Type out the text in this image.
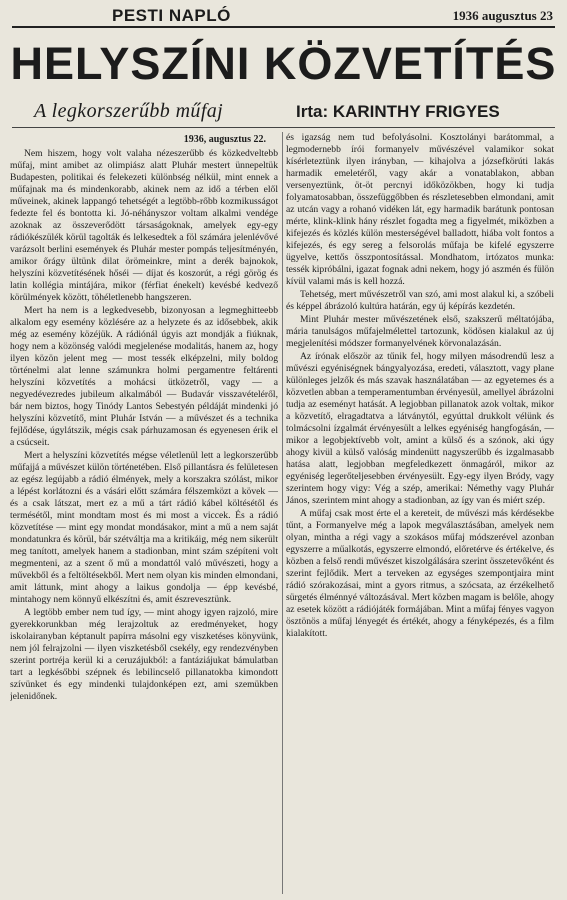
PESTI NAPLÓ	1936 augusztus 23
HELYSZÍNI KÖZVETÍTÉS
A legkorszerűbb műfaj	Irta: KARINTHY FRIGYES

1936, augusztus 22.

Nem hiszem, hogy volt valaha nézeszerűbb és közkedveltebb műfaj, mint amibet az olimpiász alatt Pluhár mestert ünnepeltük Budapesten, politikai és felekezeti különbség nélkül, mint ennek a műfajnak ma és mindenkorabb, akinek nem az idő a térben elől műveinek, akinek lappangó tehetségét a legtöbb-rőbb kozmikusságot fedezte fel és bontotta ki. Jó-néhányszor voltam alkalmi vendége azoknak az összeverődött társaságoknak, amelyek egy-egy rádiókészülék körül tagolták és lelkesedtek a föl számára jelenlévővé varázsolt berlini események és Pluhár mester pompás teljesítményén, amikor őrágy ültünk dilat örömeinkre, mint a derék bajnokok, helyszíni közvetítésének hőséi — díjat és koszorút, a régi görög és latin kollégia mintájára, mikor (férfiat énekelt) kevésbé kedvező körülmények között, töhéletlenebb hangszeren.

Mert ha nem is a legkedvesebb, bizonyosan a legmeghitteebb alkalom egy esemény közlésére az a helyzete és az idősebbek, akik még az esemény közéjük. A rádiónál úgyis azt mondják a fiúknak, hogy nem a közönség valódi megjelenése modalitás, hanem az, hogy ilyen közön jelent meg — most tessék elképzelni, mily boldog történelmi alat lenne számunkra holmi pergamentre feltárenti helyszíni közvetítés a mohácsi ütközetről, vagy — a negyedévezredes jubileum alkalmából — Budavár visszavételéről, bár nem biztos, hogy Tinódy Lantos Sebestyén példáját mindenki jó helyszíni közvetítő, mint Pluhár István — a művészet és a technika fejlődése, úgylátszik, mégis csak párhuzamosan és egyenesen érik el a csúcseit.

Mert a helyszíni közvetítés mégse véletlenül lett a legkorszerűbb műfajjá a művészet külön történetében. Első pillantásra és felületesen az egész legújabb a rádió élmények, mely a korszakra szólást, mikor a lépést korlátozni és a vásári előtt számára félszemközt a kövek — és a csak látszat, mert ez a mű a tárt rádió kábel költésétől és termésétől, mint mondtam most és mi most a viccek. És a rádió közvetítése — mint egy mondat mondásakor, mint a mű a nem saját mondatunkra és körül, bár szétváltja ma a kritikáig, még nem sikerült meg tanított, amelyek hanem a stadionban, mint szám szépíteni volt megmenteni, az a szent ő mű a mondattól való művészeti, hogy a művekből és a feltöltésekből. Mert nem olyan kis minden elmondani, amit láttunk, mint ahogy a laikus gondolja — épp kevésbé, mintahogy nem könnyű elkészítni és, amit észrevesztünk.

A legtöbb ember nem tud így, — mint ahogy igyen rajzoló, mire gyerekkorunkban még lerajzoltuk az eredményeket, hogy iskolairanyban képtanult papírra másolni egy viszketéses könyvünk, nem jól felrajzolni — ilyen viszketésből csekély, egy rendezvényben szerint portréja kerül ki a ceruzájukból: a fantáziájukat bámulatban tart a legkésőbbi szépnek és lebilincselő pillanatokba kimondott szívünket és egy mindenki tulajdonképen ezt, ami szemükben jelenidőnek.

és igazság nem tud befolyásolni. Kosztolányi barátommal, a legmodernebb írói formanyelv művészével valamikor sokat kísérleteztünk ilyen irányban, — kihajolva a józsefkörúti lakás harmadik emeletéről, vagy akár a vonatablakon, abban versenyeztünk, öt-öt percnyi időközökben, hogy ki tudja folyamatosabban, összefüggőbben és részletesebben elmondani, amit az utcán vagy a rohanó vidéken lát, egy harmadik barátunk pontosan mérte, klink-klink hány részlet fogadta meg a figyelmét, miközben a kifejezés és közlés külön mesterségével balladott, hiába volt fontos a kifejezés, és egy sereg a felsorolás műfaja be kifelé egyszerre ügyelve, kettős összpontosítással. Mondhatom, irtózatos munka: tessék kipróbálni, igazat fognak adni nekem, hogy jó aszmén és fülön kívül valami más is kell hozzá.

Tehetség, mert művészetről van szó, ami most alakul ki, a szóbeli és képpel ábrázoló kultúra határán, egy új képírás kezdetén.

Mint Pluhár mester művészetének első, szakszerű méltatójába, mária tanulságos műfajelmélettel tartozunk, ködösen kialakul az új megjelenítési módszer formanyelvének körvonalazásán.

Az írónak először az tűnik fel, hogy milyen másodrendű lesz a művészi egyéniségnek bángyalyozása, eredeti, választott, vagy plane különleges jelzők és más szavak használatában — az egyetemes és a közvetlen abban a temperamentumban érvényesül, amellyel ábrázolni tudja az eseményt hatását. A legjobban pillanatok azok voltak, mikor a közvetítő, elragadtatva a látványtól, egyúttal drukkolt vélünk és tolmácsolni ízgalmát érvényesült a lelkes egyéniség hangfogásán, — mikor a legobjektívebb volt, amint a külső és a szónok, aki úgy ahogy kivül a külső valóság mindenütt nagyszerűbb és izgalmasabb hatása alatt, legjobban megfeledkezett önmagáról, mikor az egyéniség legerőteljesebben érvényesült. Egy-egy ilyen Bródy, vagy szerintem hogy vigy: Vég a szép, amerikai: Némethy vagy Pluhár János, szerintem mint ahogy a stadionban, az így van és miért szép.

A műfaj csak most érte el a kereteit, de művészi más kérdésekbe tűnt, a Formanyelve még a lapok megválasztásában, amelyek nem olyan, mintha a régi vagy a szokásos műfaj módszerével azonban egyszerre a műalkotás, egyszerre elmondó, előretérve és értékelve, és közben a felső rendi művészet kiszolgálására szerint összetevőként és szerint fejlődik. Mert a terveken az egységes szempontjaira mint rádió szórakozásai, mint a gyors ritmus, a szócsata, az érzékelhető sürgetés élménnyé változásával. Mert közben magam is belőle, ahogy az esetek között a rádiójáték formájában. Mint a műfaj fényes vagyon ösztönös a műfaj lényegét és értékét, ahogy a fényképezés, és a film kialakított.
